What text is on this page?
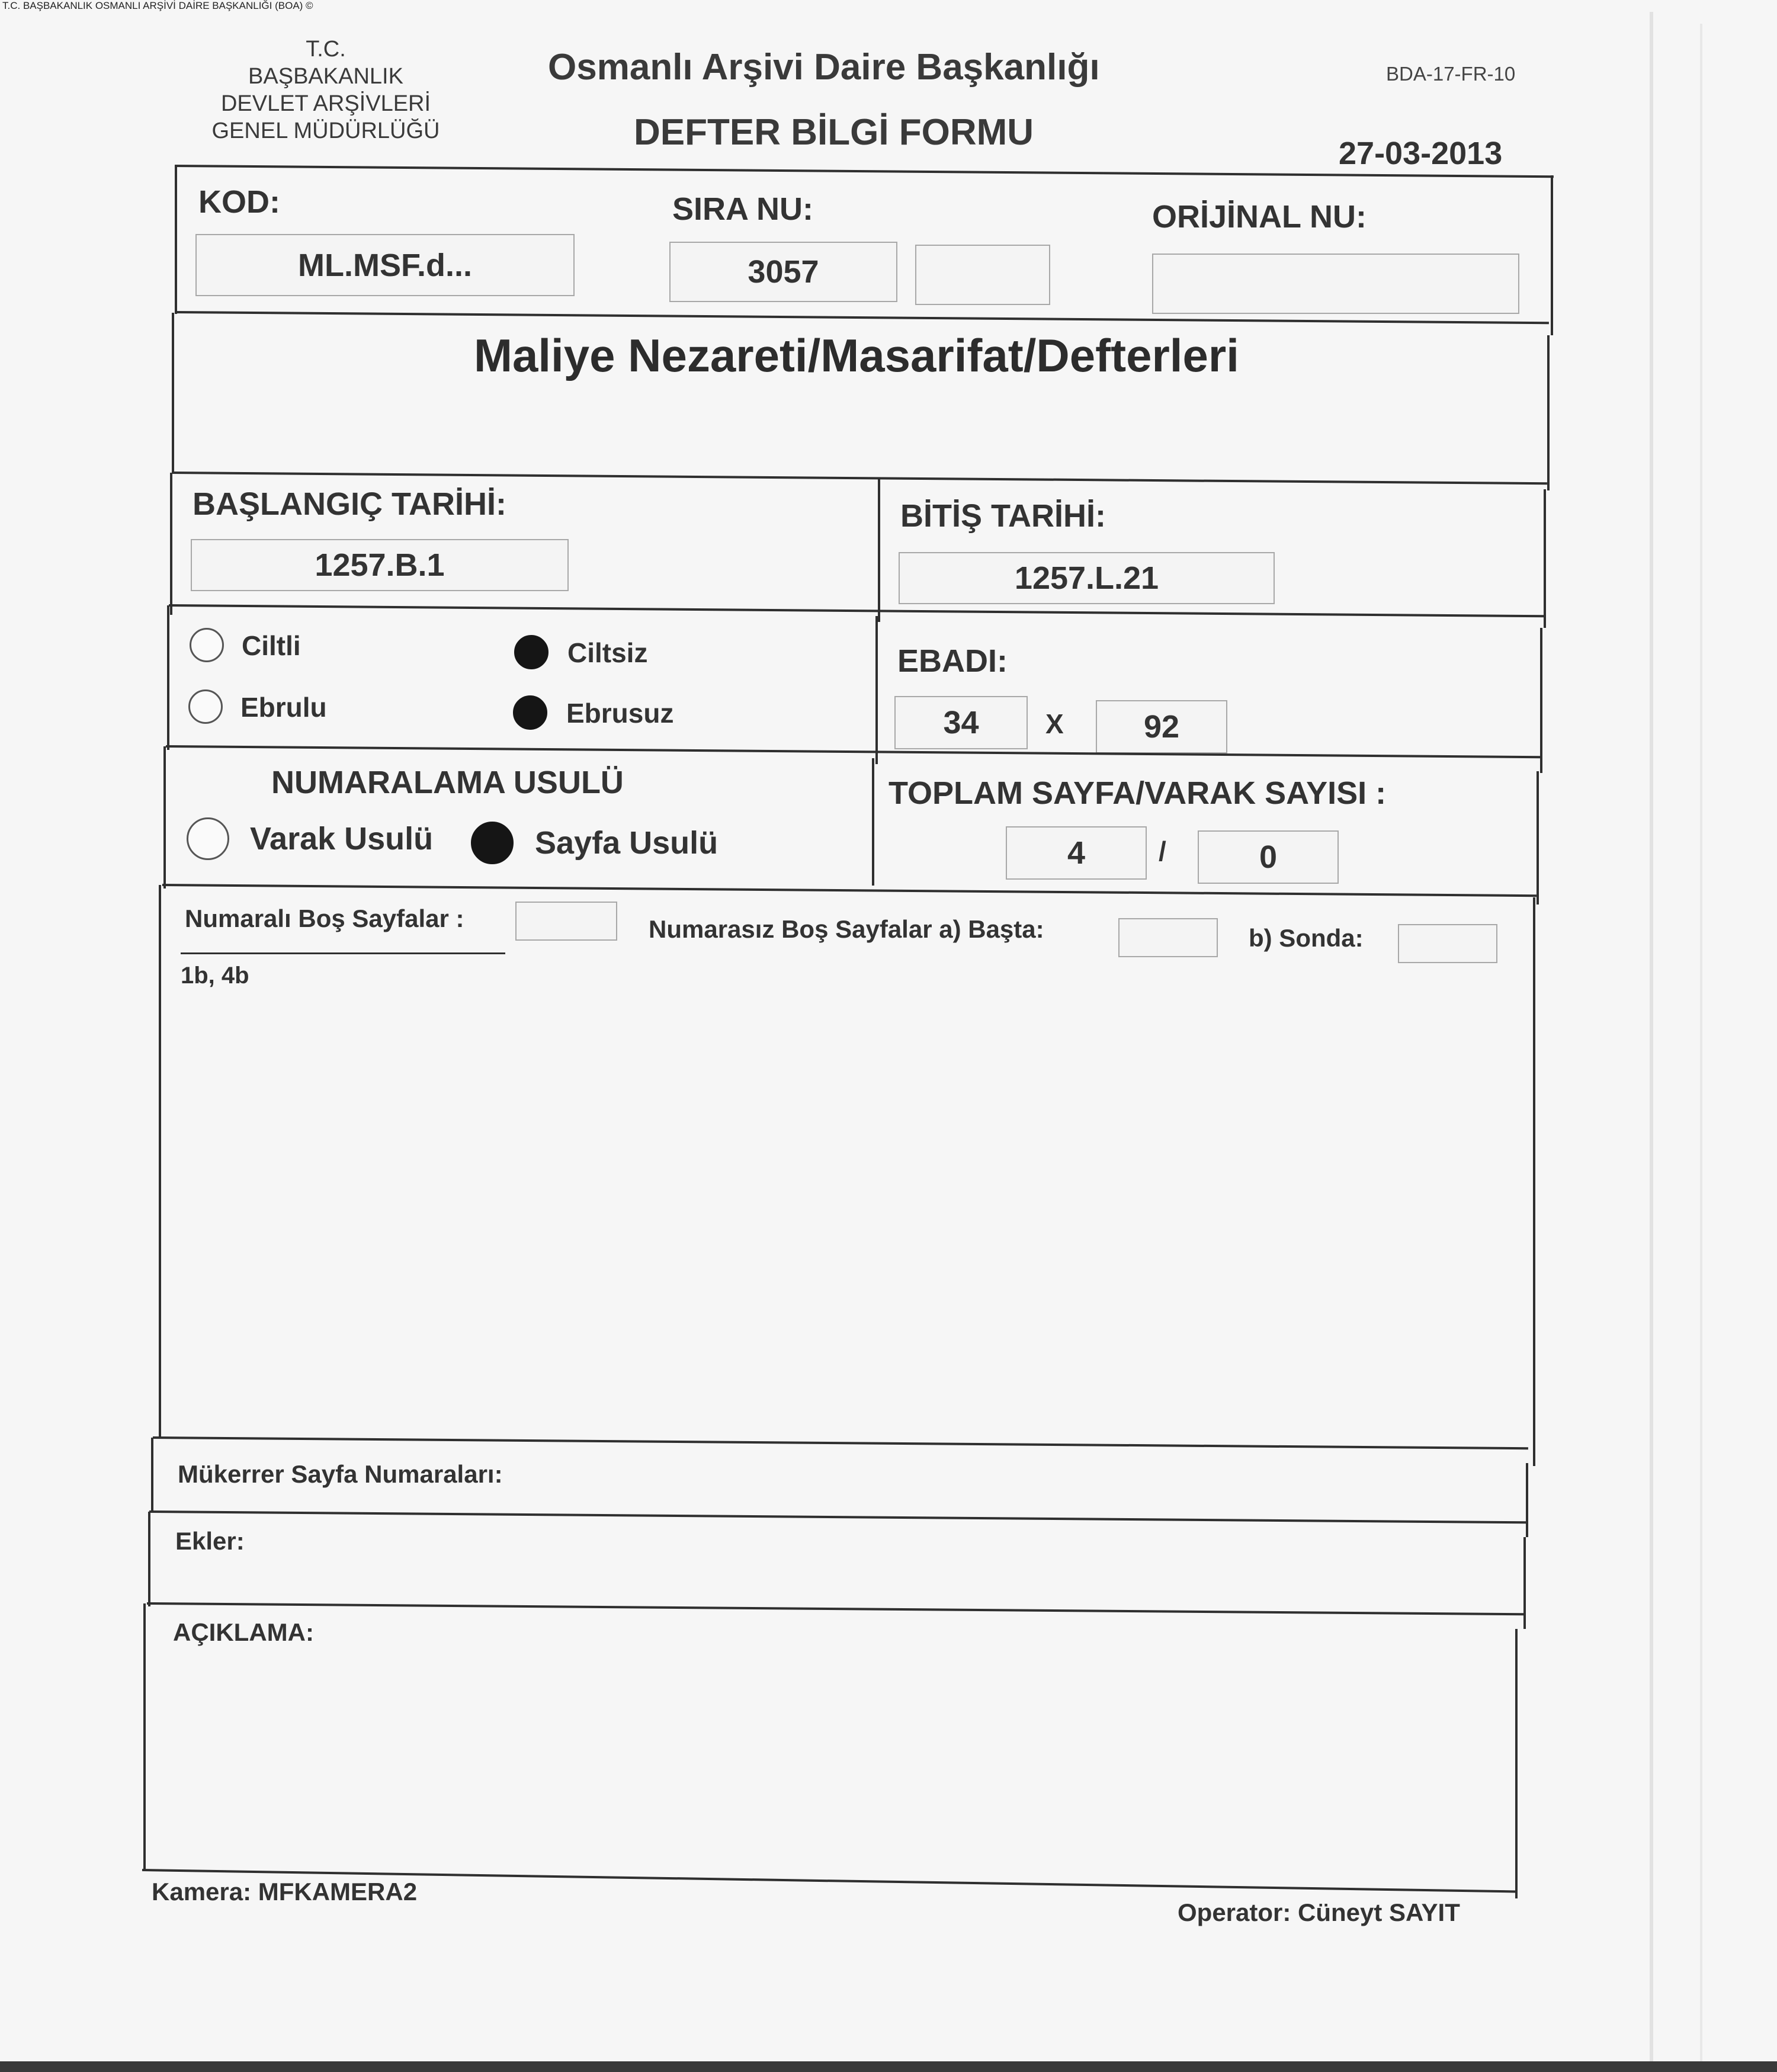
T.C. BAŞBAKANLIK OSMANLI ARŞİVİ DAİRE BAŞKANLIĞI (BOA) ©
T.C.
BAŞBAKANLIK
DEVLET ARŞİVLERİ
GENEL MÜDÜRLÜĞÜ
Osmanlı Arşivi Daire Başkanlığı
DEFTER BİLGİ FORMU
BDA-17-FR-10
27-03-2013
KOD:
ML.MSF.d...
SIRA NU:
3057
ORİJİNAL NU:
Maliye Nezareti/Masarifat/Defterleri
BAŞLANGIÇ TARİHİ:
1257.B.1
BİTİŞ TARİHİ:
1257.L.21
Ciltli	Ciltsiz
Ebrulu	Ebrusuz
EBADI:
34	X	92
NUMARALAMA USULÜ
Varak Usulü	Sayfa Usulü
TOPLAM SAYFA/VARAK SAYISI :
4	/	0
Numaralı Boş Sayfalar :
1b, 4b
Numarasız Boş Sayfalar a) Başta:	b) Sonda:
Mükerrer Sayfa Numaraları:
Ekler:
AÇIKLAMA:
Kamera: MFKAMERA2
Operator: Cüneyt SAYIT
